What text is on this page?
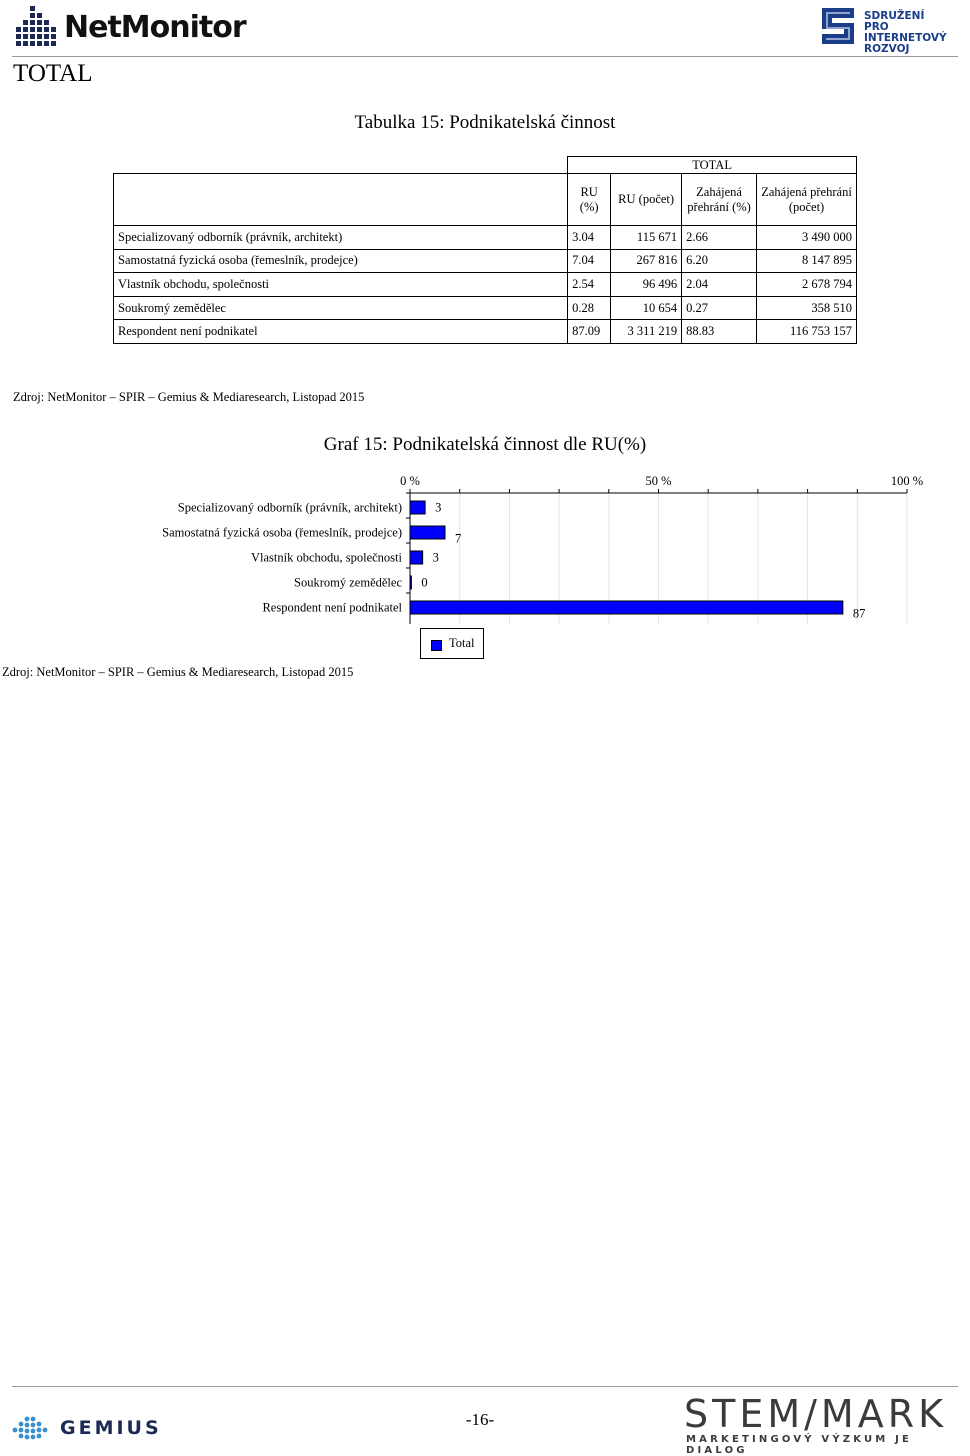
NetMonitor	SDRUŽENÍ
PRO INTERNETOVÝ
ROZVOJ
TOTAL
Tabulka 15: Podnikatelská činnost
	TOTAL			
	RU (%)	RU (počet)	Zahájená přehrání (%)	Zahájená přehrání (počet)
Specializovaný odborník (právník, architekt)	3.04	115 671	2.66	3 490 000
Samostatná fyzická osoba (řemeslník, prodejce)	7.04	267 816	6.20	8 147 895
Vlastník obchodu, společnosti	2.54	96 496	2.04	2 678 794
Soukromý zemědělec	0.28	10 654	0.27	358 510
Respondent není podnikatel	87.09	3 311 219	88.83	116 753 157
Zdroj: NetMonitor – SPIR – Gemius & Mediaresearch, Listopad 2015
Graf 15: Podnikatelská činnost dle RU(%)
0 %	50 %	100 %
Specializovaný odborník (právník, architekt)	3
Samostatná fyzická osoba (řemeslník, prodejce)	7
Vlastník obchodu, společnosti 3
Soukromý zemědělec 0
Respondent není podnikatel	87
Total
Zdroj: NetMonitor – SPIR – Gemius & Mediaresearch, Listopad 2015
GEMIUS	-16-	STEM/MARK
MARKETINGOVÝ VÝZKUM JE DIALOG
